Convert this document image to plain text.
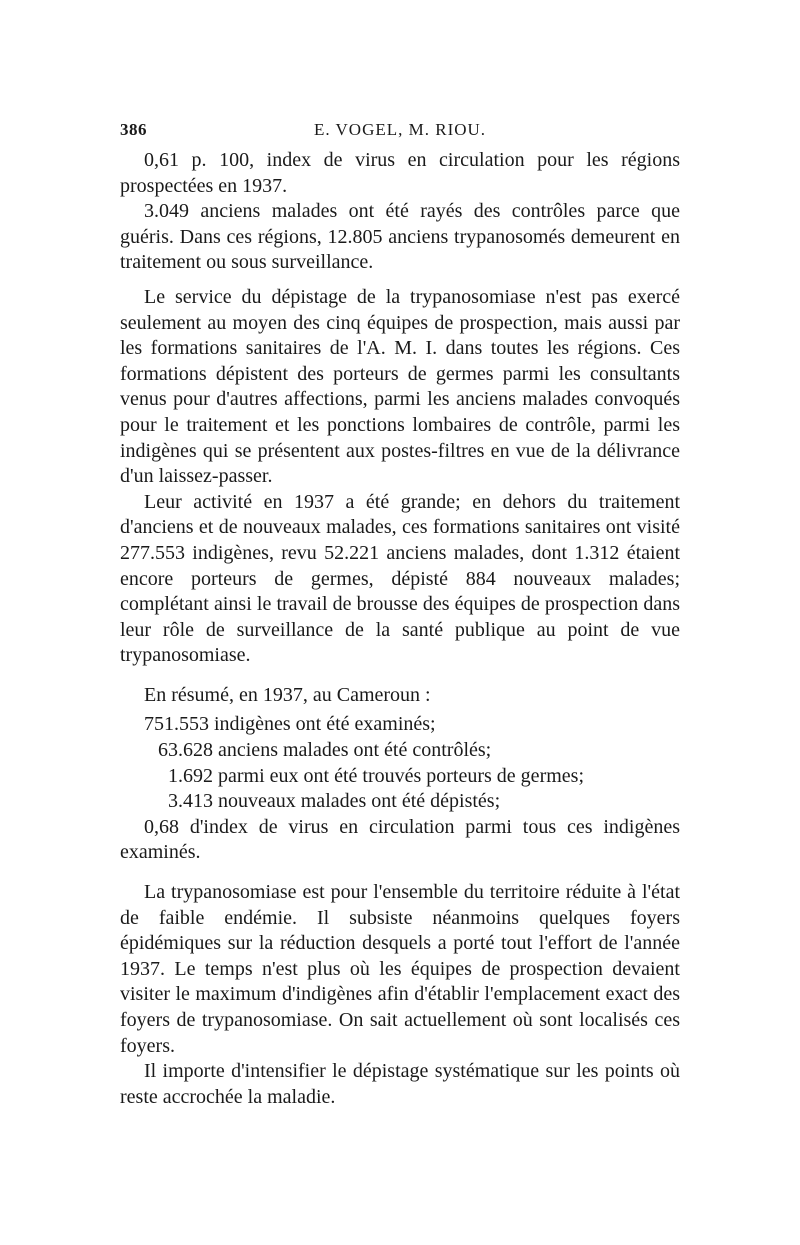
386	E. VOGEL, M. RIOU.

0,61 p. 100, index de virus en circulation pour les régions prospectées en 1937.

3.049 anciens malades ont été rayés des contrôles parce que guéris. Dans ces régions, 12.805 anciens trypanosomés demeurent en traitement ou sous surveillance.

Le service du dépistage de la trypanosomiase n'est pas exercé seulement au moyen des cinq équipes de prospection, mais aussi par les formations sanitaires de l'A. M. I. dans toutes les régions. Ces formations dépistent des porteurs de germes parmi les consultants venus pour d'autres affections, parmi les anciens malades convoqués pour le traitement et les ponctions lombaires de contrôle, parmi les indigènes qui se présentent aux postes-filtres en vue de la délivrance d'un laissez-passer.

Leur activité en 1937 a été grande; en dehors du traitement d'anciens et de nouveaux malades, ces formations sanitaires ont visité 277.553 indigènes, revu 52.221 anciens malades, dont 1.312 étaient encore porteurs de germes, dépisté 884 nouveaux malades; complétant ainsi le travail de brousse des équipes de prospection dans leur rôle de surveillance de la santé publique au point de vue trypanosomiase.

En résumé, en 1937, au Cameroun :

751.553 indigènes ont été examinés;

63.628 anciens malades ont été contrôlés;

1.692 parmi eux ont été trouvés porteurs de germes;

3.413 nouveaux malades ont été dépistés;

0,68 d'index de virus en circulation parmi tous ces indigènes examinés.

La trypanosomiase est pour l'ensemble du territoire réduite à l'état de faible endémie. Il subsiste néanmoins quelques foyers épidémiques sur la réduction desquels a porté tout l'effort de l'année 1937. Le temps n'est plus où les équipes de prospection devaient visiter le maximum d'indigènes afin d'établir l'emplacement exact des foyers de trypanosomiase. On sait actuellement où sont localisés ces foyers.

Il importe d'intensifier le dépistage systématique sur les points où reste accrochée la maladie.
